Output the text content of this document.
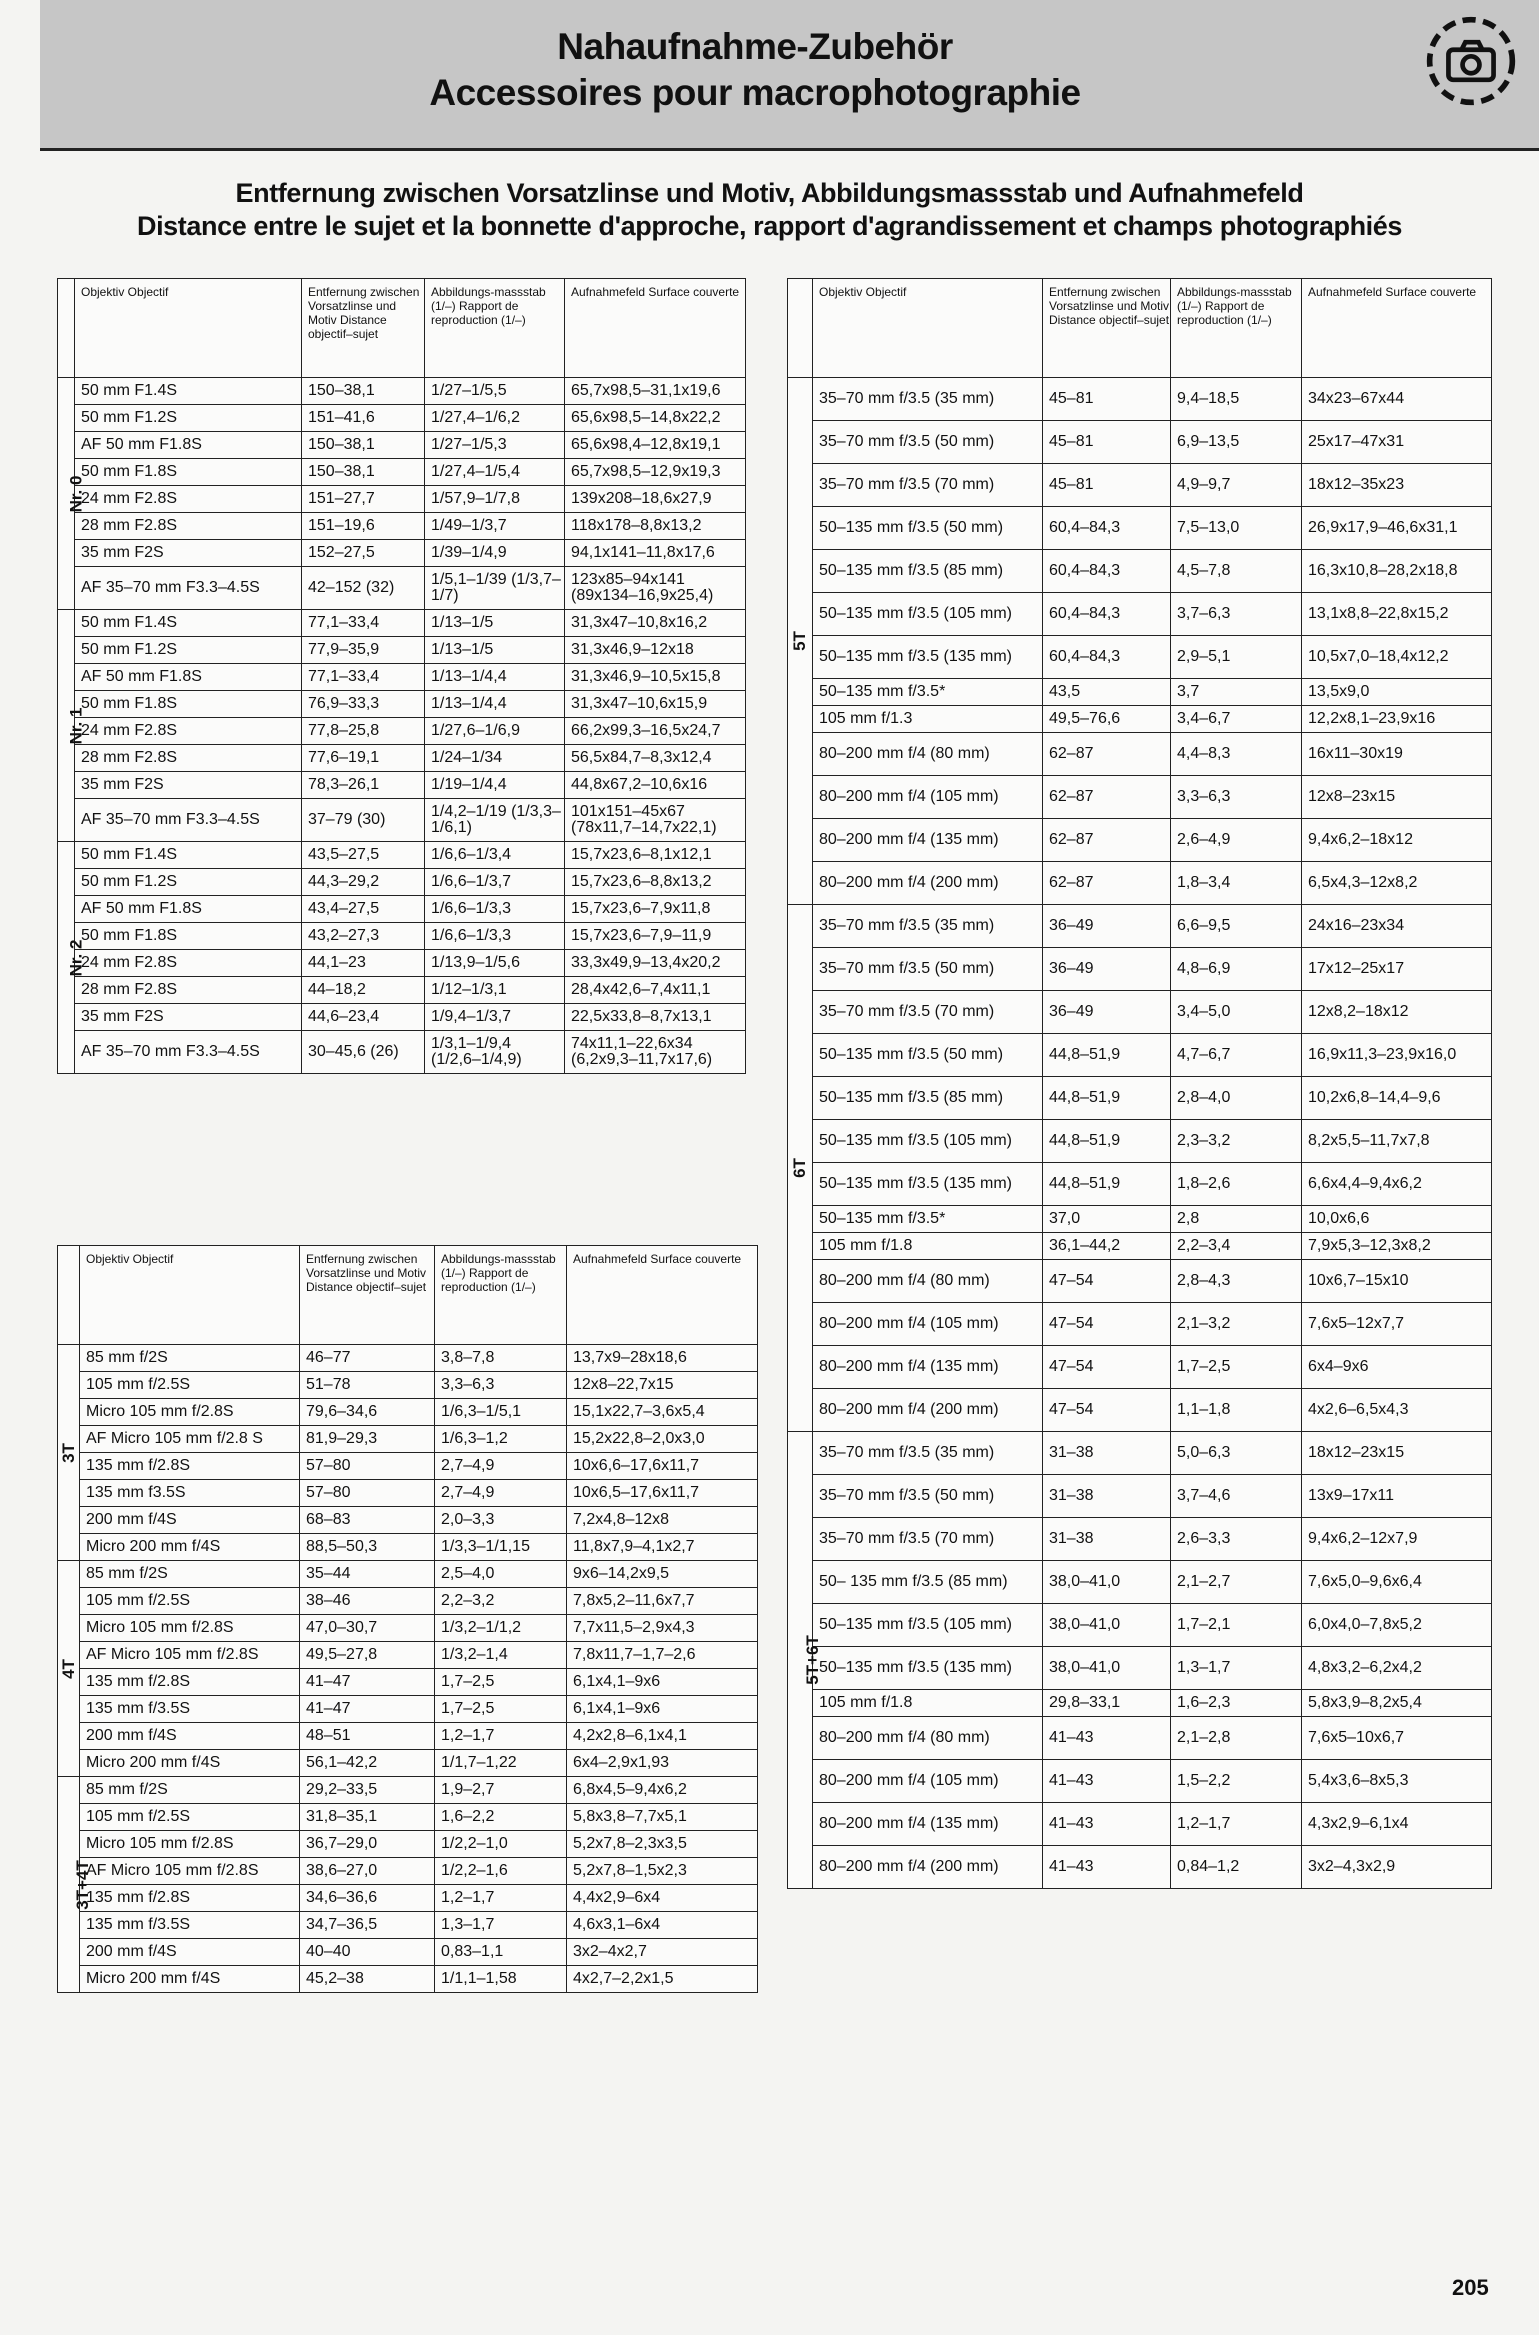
Nahaufnahme-Zubehör
Accessoires pour macrophotographie
Entfernung zwischen Vorsatzlinse und Motiv, Abbildungsmassstab und Aufnahmefeld
Distance entre le sujet et la bonnette d'approche, rapport d'agrandissement et champs photographiés
	Objektiv Objectif	Entfernung zwischen Vorsatzlinse und Motiv Distance objectif–sujet	Abbildungs-massstab (1/–) Rapport de reproduction (1/–)	Aufnahmefeld Surface couverte
Nr. 0	50 mm F1.4S	150–38,1	1/27–1/5,5	65,7x98,5–31,1x19,6
	50 mm F1.2S	151–41,6	1/27,4–1/6,2	65,6x98,5–14,8x22,2
	AF 50 mm F1.8S	150–38,1	1/27–1/5,3	65,6x98,4–12,8x19,1
	50 mm F1.8S	150–38,1	1/27,4–1/5,4	65,7x98,5–12,9x19,3
	24 mm F2.8S	151–27,7	1/57,9–1/7,8	139x208–18,6x27,9
	28 mm F2.8S	151–19,6	1/49–1/3,7	118x178–8,8x13,2
	35 mm F2S	152–27,5	1/39–1/4,9	94,1x141–11,8x17,6
	AF 35–70 mm F3.3–4.5S	42–152 (32)	1/5,1–1/39 (1/3,7–1/7)	123x85–94x141 (89x134–16,9x25,4)
Nr. 1	50 mm F1.4S	77,1–33,4	1/13–1/5	31,3x47–10,8x16,2
	50 mm F1.2S	77,9–35,9	1/13–1/5	31,3x46,9–12x18
	AF 50 mm F1.8S	77,1–33,4	1/13–1/4,4	31,3x46,9–10,5x15,8
	50 mm F1.8S	76,9–33,3	1/13–1/4,4	31,3x47–10,6x15,9
	24 mm F2.8S	77,8–25,8	1/27,6–1/6,9	66,2x99,3–16,5x24,7
	28 mm F2.8S	77,6–19,1	1/24–1/34	56,5x84,7–8,3x12,4
	35 mm F2S	78,3–26,1	1/19–1/4,4	44,8x67,2–10,6x16
	AF 35–70 mm F3.3–4.5S	37–79 (30)	1/4,2–1/19 (1/3,3–1/6,1)	101x151–45x67 (78x11,7–14,7x22,1)
Nr. 2	50 mm F1.4S	43,5–27,5	1/6,6–1/3,4	15,7x23,6–8,1x12,1
	50 mm F1.2S	44,3–29,2	1/6,6–1/3,7	15,7x23,6–8,8x13,2
	AF 50 mm F1.8S	43,4–27,5	1/6,6–1/3,3	15,7x23,6–7,9x11,8
	50 mm F1.8S	43,2–27,3	1/6,6–1/3,3	15,7x23,6–7,9–11,9
	24 mm F2.8S	44,1–23	1/13,9–1/5,6	33,3x49,9–13,4x20,2
	28 mm F2.8S	44–18,2	1/12–1/3,1	28,4x42,6–7,4x11,1
	35 mm F2S	44,6–23,4	1/9,4–1/3,7	22,5x33,8–8,7x13,1
	AF 35–70 mm F3.3–4.5S	30–45,6 (26)	1/3,1–1/9,4 (1/2,6–1/4,9)	74x11,1–22,6x34 (6,2x9,3–11,7x17,6)
	Objektiv Objectif	Entfernung zwischen Vorsatzlinse und Motiv Distance objectif–sujet	Abbildungs-massstab (1/–) Rapport de reproduction (1/–)	Aufnahmefeld Surface couverte
3T	85 mm f/2S	46–77	3,8–7,8	13,7x9–28x18,6
	105 mm f/2.5S	51–78	3,3–6,3	12x8–22,7x15
	Micro 105 mm f/2.8S	79,6–34,6	1/6,3–1/5,1	15,1x22,7–3,6x5,4
	AF Micro 105 mm f/2.8 S	81,9–29,3	1/6,3–1,2	15,2x22,8–2,0x3,0
	135 mm f/2.8S	57–80	2,7–4,9	10x6,6–17,6x11,7
	135 mm f3.5S	57–80	2,7–4,9	10x6,5–17,6x11,7
	200 mm f/4S	68–83	2,0–3,3	7,2x4,8–12x8
	Micro 200 mm f/4S	88,5–50,3	1/3,3–1/1,15	11,8x7,9–4,1x2,7
4T	85 mm f/2S	35–44	2,5–4,0	9x6–14,2x9,5
	105 mm f/2.5S	38–46	2,2–3,2	7,8x5,2–11,6x7,7
	Micro 105 mm f/2.8S	47,0–30,7	1/3,2–1/1,2	7,7x11,5–2,9x4,3
	AF Micro 105 mm f/2.8S	49,5–27,8	1/3,2–1,4	7,8x11,7–1,7–2,6
	135 mm f/2.8S	41–47	1,7–2,5	6,1x4,1–9x6
	135 mm f/3.5S	41–47	1,7–2,5	6,1x4,1–9x6
	200 mm f/4S	48–51	1,2–1,7	4,2x2,8–6,1x4,1
	Micro 200 mm f/4S	56,1–42,2	1/1,7–1,22	6x4–2,9x1,93
3T+4T	85 mm f/2S	29,2–33,5	1,9–2,7	6,8x4,5–9,4x6,2
	105 mm f/2.5S	31,8–35,1	1,6–2,2	5,8x3,8–7,7x5,1
	Micro 105 mm f/2.8S	36,7–29,0	1/2,2–1,0	5,2x7,8–2,3x3,5
	AF Micro 105 mm f/2.8S	38,6–27,0	1/2,2–1,6	5,2x7,8–1,5x2,3
	135 mm f/2.8S	34,6–36,6	1,2–1,7	4,4x2,9–6x4
	135 mm f/3.5S	34,7–36,5	1,3–1,7	4,6x3,1–6x4
	200 mm f/4S	40–40	0,83–1,1	3x2–4x2,7
	Micro 200 mm f/4S	45,2–38	1/1,1–1,58	4x2,7–2,2x1,5
	Objektiv Objectif	Entfernung zwischen Vorsatzlinse und Motiv Distance objectif–sujet	Abbildungs-massstab (1/–) Rapport de reproduction (1/–)	Aufnahmefeld Surface couverte
5T	35–70 mm f/3.5 (35 mm)	45–81	9,4–18,5	34x23–67x44
	35–70 mm f/3.5 (50 mm)	45–81	6,9–13,5	25x17–47x31
	35–70 mm f/3.5 (70 mm)	45–81	4,9–9,7	18x12–35x23
	50–135 mm f/3.5 (50 mm)	60,4–84,3	7,5–13,0	26,9x17,9–46,6x31,1
	50–135 mm f/3.5 (85 mm)	60,4–84,3	4,5–7,8	16,3x10,8–28,2x18,8
	50–135 mm f/3.5 (105 mm)	60,4–84,3	3,7–6,3	13,1x8,8–22,8x15,2
	50–135 mm f/3.5 (135 mm)	60,4–84,3	2,9–5,1	10,5x7,0–18,4x12,2
	50–135 mm f/3.5*	43,5	3,7	13,5x9,0
	105 mm f/1.3	49,5–76,6	3,4–6,7	12,2x8,1–23,9x16
	80–200 mm f/4 (80 mm)	62–87	4,4–8,3	16x11–30x19
	80–200 mm f/4 (105 mm)	62–87	3,3–6,3	12x8–23x15
	80–200 mm f/4 (135 mm)	62–87	2,6–4,9	9,4x6,2–18x12
	80–200 mm f/4 (200 mm)	62–87	1,8–3,4	6,5x4,3–12x8,2
6T	35–70 mm f/3.5 (35 mm)	36–49	6,6–9,5	24x16–23x34
	35–70 mm f/3.5 (50 mm)	36–49	4,8–6,9	17x12–25x17
	35–70 mm f/3.5 (70 mm)	36–49	3,4–5,0	12x8,2–18x12
	50–135 mm f/3.5 (50 mm)	44,8–51,9	4,7–6,7	16,9x11,3–23,9x16,0
	50–135 mm f/3.5 (85 mm)	44,8–51,9	2,8–4,0	10,2x6,8–14,4–9,6
	50–135 mm f/3.5 (105 mm)	44,8–51,9	2,3–3,2	8,2x5,5–11,7x7,8
	50–135 mm f/3.5 (135 mm)	44,8–51,9	1,8–2,6	6,6x4,4–9,4x6,2
	50–135 mm f/3.5*	37,0	2,8	10,0x6,6
	105 mm f/1.8	36,1–44,2	2,2–3,4	7,9x5,3–12,3x8,2
	80–200 mm f/4 (80 mm)	47–54	2,8–4,3	10x6,7–15x10
	80–200 mm f/4 (105 mm)	47–54	2,1–3,2	7,6x5–12x7,7
	80–200 mm f/4 (135 mm)	47–54	1,7–2,5	6x4–9x6
	80–200 mm f/4 (200 mm)	47–54	1,1–1,8	4x2,6–6,5x4,3
5T+6T	35–70 mm f/3.5 (35 mm)	31–38	5,0–6,3	18x12–23x15
	35–70 mm f/3.5 (50 mm)	31–38	3,7–4,6	13x9–17x11
	35–70 mm f/3.5 (70 mm)	31–38	2,6–3,3	9,4x6,2–12x7,9
	50– 135 mm f/3.5 (85 mm)	38,0–41,0	2,1–2,7	7,6x5,0–9,6x6,4
	50–135 mm f/3.5 (105 mm)	38,0–41,0	1,7–2,1	6,0x4,0–7,8x5,2
	50–135 mm f/3.5 (135 mm)	38,0–41,0	1,3–1,7	4,8x3,2–6,2x4,2
	105 mm f/1.8	29,8–33,1	1,6–2,3	5,8x3,9–8,2x5,4
	80–200 mm f/4 (80 mm)	41–43	2,1–2,8	7,6x5–10x6,7
	80–200 mm f/4 (105 mm)	41–43	1,5–2,2	5,4x3,6–8x5,3
	80–200 mm f/4 (135 mm)	41–43	1,2–1,7	4,3x2,9–6,1x4
	80–200 mm f/4 (200 mm)	41–43	0,84–1,2	3x2–4,3x2,9
205
